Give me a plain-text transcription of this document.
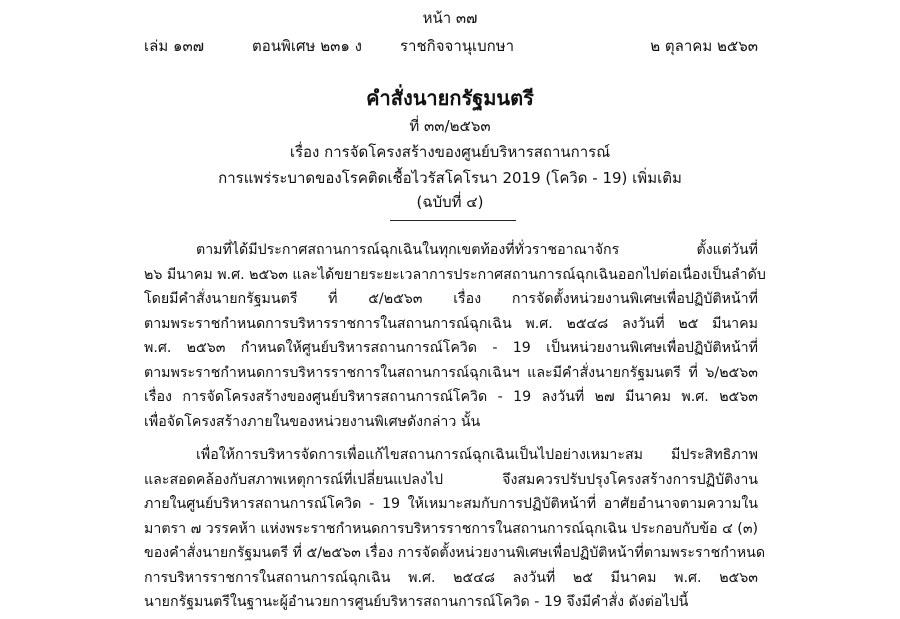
หน้า ๓๗
เล่ม ๑๓๗	ตอนพิเศษ ๒๓๑ ง	ราชกิจจานุเบกษา	๒ ตุลาคม ๒๕๖๓
คำสั่งนายกรัฐมนตรี
ที่ ๓๓/๒๕๖๓
เรื่อง การจัดโครงสร้างของศูนย์บริหารสถานการณ์
การแพร่ระบาดของโรคติดเชื้อไวรัสโคโรนา 2019 (โควิด - 19) เพิ่มเติม
(ฉบับที่ ๔)
ตามที่ได้มีประกาศสถานการณ์ฉุกเฉินในทุกเขตท้องที่ทั่วราชอาณาจักร ตั้งแต่วันที่
๒๖ มีนาคม พ.ศ. ๒๕๖๓ และได้ขยายระยะเวลาการประกาศสถานการณ์ฉุกเฉินออกไปต่อเนื่องเป็นลำดับ
โดยมีคำสั่งนายกรัฐมนตรี ที่ ๕/๒๕๖๓ เรื่อง การจัดตั้งหน่วยงานพิเศษเพื่อปฏิบัติหน้าที่
ตามพระราชกำหนดการบริหารราชการในสถานการณ์ฉุกเฉิน พ.ศ. ๒๕๔๘ ลงวันที่ ๒๕ มีนาคม
พ.ศ. ๒๕๖๓ กำหนดให้ศูนย์บริหารสถานการณ์โควิด - 19 เป็นหน่วยงานพิเศษเพื่อปฏิบัติหน้าที่
ตามพระราชกำหนดการบริหารราชการในสถานการณ์ฉุกเฉินฯ และมีคำสั่งนายกรัฐมนตรี ที่ ๖/๒๕๖๓
เรื่อง การจัดโครงสร้างของศูนย์บริหารสถานการณ์โควิด - 19 ลงวันที่ ๒๗ มีนาคม พ.ศ. ๒๕๖๓
เพื่อจัดโครงสร้างภายในของหน่วยงานพิเศษดังกล่าว นั้น
เพื่อให้การบริหารจัดการเพื่อแก้ไขสถานการณ์ฉุกเฉินเป็นไปอย่างเหมาะสม มีประสิทธิภาพ
และสอดคล้องกับสภาพเหตุการณ์ที่เปลี่ยนแปลงไป จึงสมควรปรับปรุงโครงสร้างการปฏิบัติงาน
ภายในศูนย์บริหารสถานการณ์โควิด - 19 ให้เหมาะสมกับการปฏิบัติหน้าที่ อาศัยอำนาจตามความใน
มาตรา ๗ วรรคห้า แห่งพระราชกำหนดการบริหารราชการในสถานการณ์ฉุกเฉิน ประกอบกับข้อ ๔ (๓)
ของคำสั่งนายกรัฐมนตรี ที่ ๕/๒๕๖๓ เรื่อง การจัดตั้งหน่วยงานพิเศษเพื่อปฏิบัติหน้าที่ตามพระราชกำหนด
การบริหารราชการในสถานการณ์ฉุกเฉิน พ.ศ. ๒๕๔๘ ลงวันที่ ๒๕ มีนาคม พ.ศ. ๒๕๖๓
นายกรัฐมนตรีในฐานะผู้อำนวยการศูนย์บริหารสถานการณ์โควิด - 19 จึงมีคำสั่ง ดังต่อไปนี้
